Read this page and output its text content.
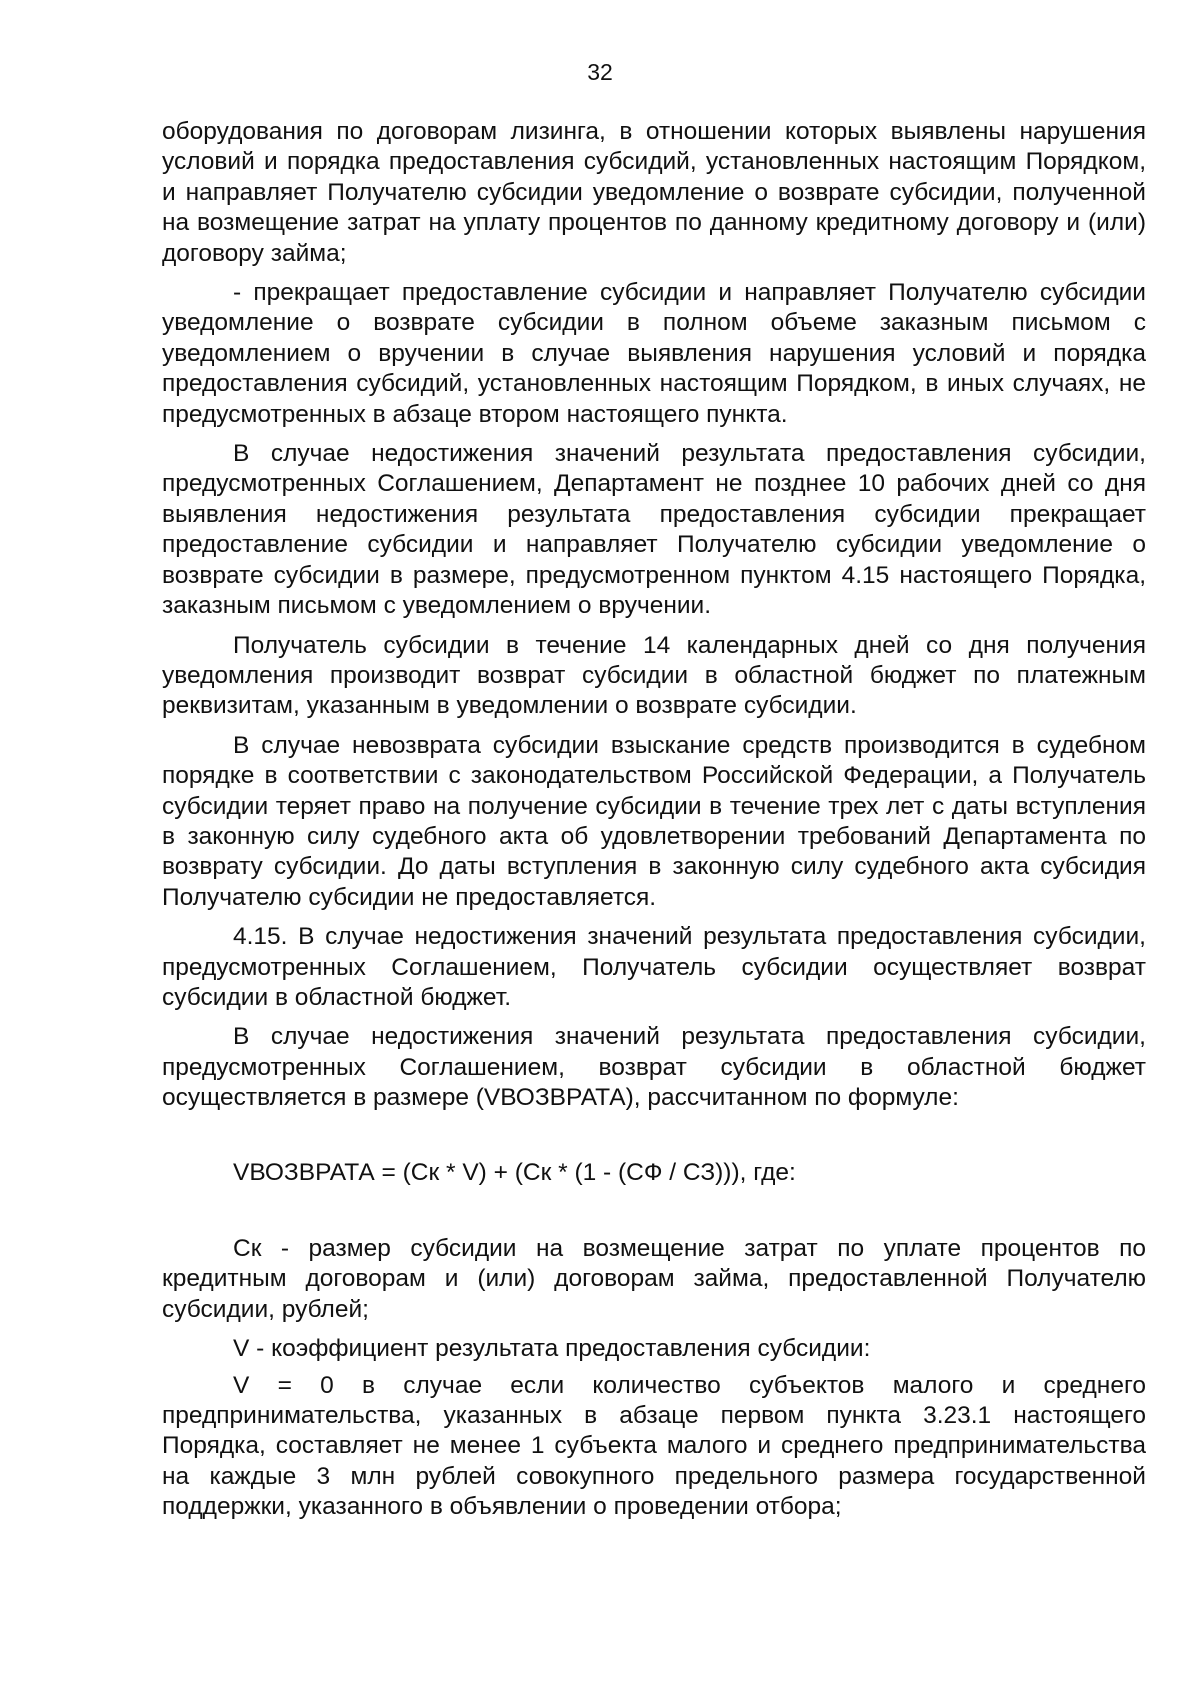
32

оборудования по договорам лизинга, в отношении которых выявлены нарушения условий и порядка предоставления субсидий, установленных настоящим Порядком, и направляет Получателю субсидии уведомление о возврате субсидии, полученной на возмещение затрат на уплату процентов по данному кредитному договору и (или) договору займа;

- прекращает предоставление субсидии и направляет Получателю субсидии уведомление о возврате субсидии в полном объеме заказным письмом с уведомлением о вручении в случае выявления нарушения условий и порядка предоставления субсидий, установленных настоящим Порядком, в иных случаях, не предусмотренных в абзаце втором настоящего пункта.

В случае недостижения значений результата предоставления субсидии, предусмотренных Соглашением, Департамент не позднее 10 рабочих дней со дня выявления недостижения результата предоставления субсидии прекращает предоставление субсидии и направляет Получателю субсидии уведомление о возврате субсидии в размере, предусмотренном пунктом 4.15 настоящего Порядка, заказным письмом с уведомлением о вручении.

Получатель субсидии в течение 14 календарных дней со дня получения уведомления производит возврат субсидии в областной бюджет по платежным реквизитам, указанным в уведомлении о возврате субсидии.

В случае невозврата субсидии взыскание средств производится в судебном порядке в соответствии с законодательством Российской Федерации, а Получатель субсидии теряет право на получение субсидии в течение трех лет с даты вступления в законную силу судебного акта об удовлетворении требований Департамента по возврату субсидии. До даты вступления в законную силу судебного акта субсидия Получателю субсидии не предоставляется.

4.15. В случае недостижения значений результата предоставления субсидии, предусмотренных Соглашением, Получатель субсидии осуществляет возврат субсидии в областной бюджет.

В случае недостижения значений результата предоставления субсидии, предусмотренных Соглашением, возврат субсидии в областной бюджет осуществляется в размере (VВОЗВРАТА), рассчитанном по формуле:

VВОЗВРАТА = (Ск * V) + (Ск * (1 - (СФ / СЗ))), где:

Ск - размер субсидии на возмещение затрат по уплате процентов по кредитным договорам и (или) договорам займа, предоставленной Получателю субсидии, рублей;

V - коэффициент результата предоставления субсидии:

V = 0 в случае если количество субъектов малого и среднего предпринимательства, указанных в абзаце первом пункта 3.23.1 настоящего Порядка, составляет не менее 1 субъекта малого и среднего предпринимательства на каждые 3 млн рублей совокупного предельного размера государственной поддержки, указанного в объявлении о проведении отбора;
